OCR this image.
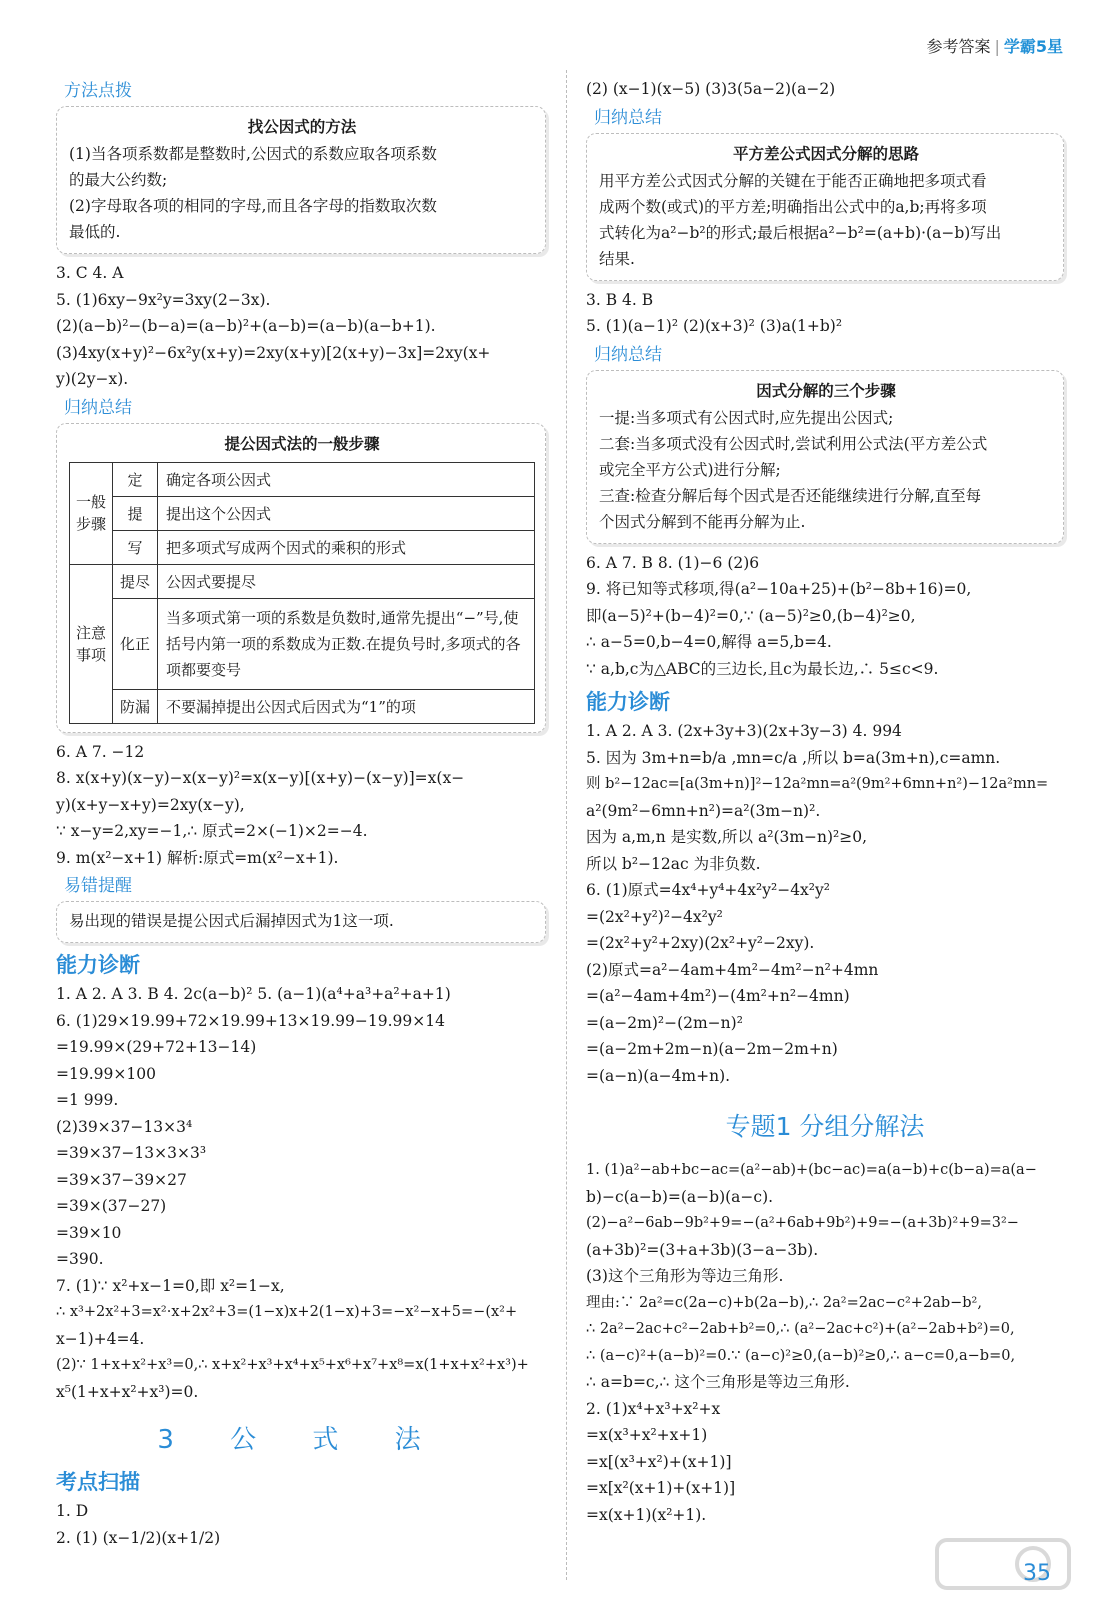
参考答案 | 学霸5星
方法点拨
找公因式的方法
(1)当各项系数都是整数时,公因式的系数应取各项系数
的最大公约数;
(2)字母取各项的相同的字母,而且各字母的指数取次数
最低的.
3. C 4. A
5. (1)6xy−9x²y=3xy(2−3x).
(2)(a−b)²−(b−a)=(a−b)²+(a−b)=(a−b)(a−b+1).
(3)4xy(x+y)²−6x²y(x+y)=2xy(x+y)[2(x+y)−3x]=2xy(x+
y)(2y−x).
归纳总结
提公因式法的一般步骤
一般步骤	定	确定各项公因式
	提	提出这个公因式
	写	把多项式写成两个因式的乘积的形式
注意事项	提尽	公因式要提尽
	化正	当多项式第一项的系数是负数时,通常先提出“−”号,使括号内第一项的系数成为正数.在提负号时,多项式的各项都要变号
	防漏	不要漏掉提出公因式后因式为“1”的项
6. A 7. −12
8. x(x+y)(x−y)−x(x−y)²=x(x−y)[(x+y)−(x−y)]=x(x−
y)(x+y−x+y)=2xy(x−y),
∵ x−y=2,xy=−1,∴ 原式=2×(−1)×2=−4.
9. m(x²−x+1) 解析:原式=m(x²−x+1).
易错提醒
易出现的错误是提公因式后漏掉因式为1这一项.
能力诊断
1. A 2. A 3. B 4. 2c(a−b)² 5. (a−1)(a⁴+a³+a²+a+1)
6. (1)29×19.99+72×19.99+13×19.99−19.99×14
=19.99×(29+72+13−14)
=19.99×100
=1 999.
(2)39×37−13×3⁴
=39×37−13×3×3³
=39×37−39×27
=39×(37−27)
=39×10
=390.
7. (1)∵ x²+x−1=0,即 x²=1−x,
∴ x³+2x²+3=x²·x+2x²+3=(1−x)x+2(1−x)+3=−x²−x+5=−(x²+
x−1)+4=4.
(2)∵ 1+x+x²+x³=0,∴ x+x²+x³+x⁴+x⁵+x⁶+x⁷+x⁸=x(1+x+x²+x³)+
x⁵(1+x+x²+x³)=0.
3 公 式 法
考点扫描
1. D
2. (1) (x−1/2)(x+1/2)
(2) (x−1)(x−5) (3)3(5a−2)(a−2)
归纳总结
平方差公式因式分解的思路
用平方差公式因式分解的关键在于能否正确地把多项式看
成两个数(或式)的平方差;明确指出公式中的a,b;再将多项
式转化为a²−b²的形式;最后根据a²−b²=(a+b)·(a−b)写出
结果.
3. B 4. B
5. (1)(a−1)² (2)(x+3)² (3)a(1+b)²
归纳总结
因式分解的三个步骤
一提:当多项式有公因式时,应先提出公因式;
二套:当多项式没有公因式时,尝试利用公式法(平方差公式
或完全平方公式)进行分解;
三查:检查分解后每个因式是否还能继续进行分解,直至每
个因式分解到不能再分解为止.
6. A 7. B 8. (1)−6 (2)6
9. 将已知等式移项,得(a²−10a+25)+(b²−8b+16)=0,
即(a−5)²+(b−4)²=0,∵ (a−5)²≥0,(b−4)²≥0,
∴ a−5=0,b−4=0,解得 a=5,b=4.
∵ a,b,c为△ABC的三边长,且c为最长边,∴ 5≤c<9.
能力诊断
1. A 2. A 3. (2x+3y+3)(2x+3y−3) 4. 994
5. 因为 3m+n=b/a ,mn=c/a ,所以 b=a(3m+n),c=amn.
则 b²−12ac=[a(3m+n)]²−12a²mn=a²(9m²+6mn+n²)−12a²mn=
a²(9m²−6mn+n²)=a²(3m−n)².
因为 a,m,n 是实数,所以 a²(3m−n)²≥0,
所以 b²−12ac 为非负数.
6. (1)原式=4x⁴+y⁴+4x²y²−4x²y²
=(2x²+y²)²−4x²y²
=(2x²+y²+2xy)(2x²+y²−2xy).
(2)原式=a²−4am+4m²−4m²−n²+4mn
=(a²−4am+4m²)−(4m²+n²−4mn)
=(a−2m)²−(2m−n)²
=(a−2m+2m−n)(a−2m−2m+n)
=(a−n)(a−4m+n).
专题1 分组分解法
1. (1)a²−ab+bc−ac=(a²−ab)+(bc−ac)=a(a−b)+c(b−a)=a(a−
b)−c(a−b)=(a−b)(a−c).
(2)−a²−6ab−9b²+9=−(a²+6ab+9b²)+9=−(a+3b)²+9=3²−
(a+3b)²=(3+a+3b)(3−a−3b).
(3)这个三角形为等边三角形.
理由:∵ 2a²=c(2a−c)+b(2a−b),∴ 2a²=2ac−c²+2ab−b²,
∴ 2a²−2ac+c²−2ab+b²=0,∴ (a²−2ac+c²)+(a²−2ab+b²)=0,
∴ (a−c)²+(a−b)²=0.∵ (a−c)²≥0,(a−b)²≥0,∴ a−c=0,a−b=0,
∴ a=b=c,∴ 这个三角形是等边三角形.
2. (1)x⁴+x³+x²+x
=x(x³+x²+x+1)
=x[(x³+x²)+(x+1)]
=x[x²(x+1)+(x+1)]
=x(x+1)(x²+1).
35
